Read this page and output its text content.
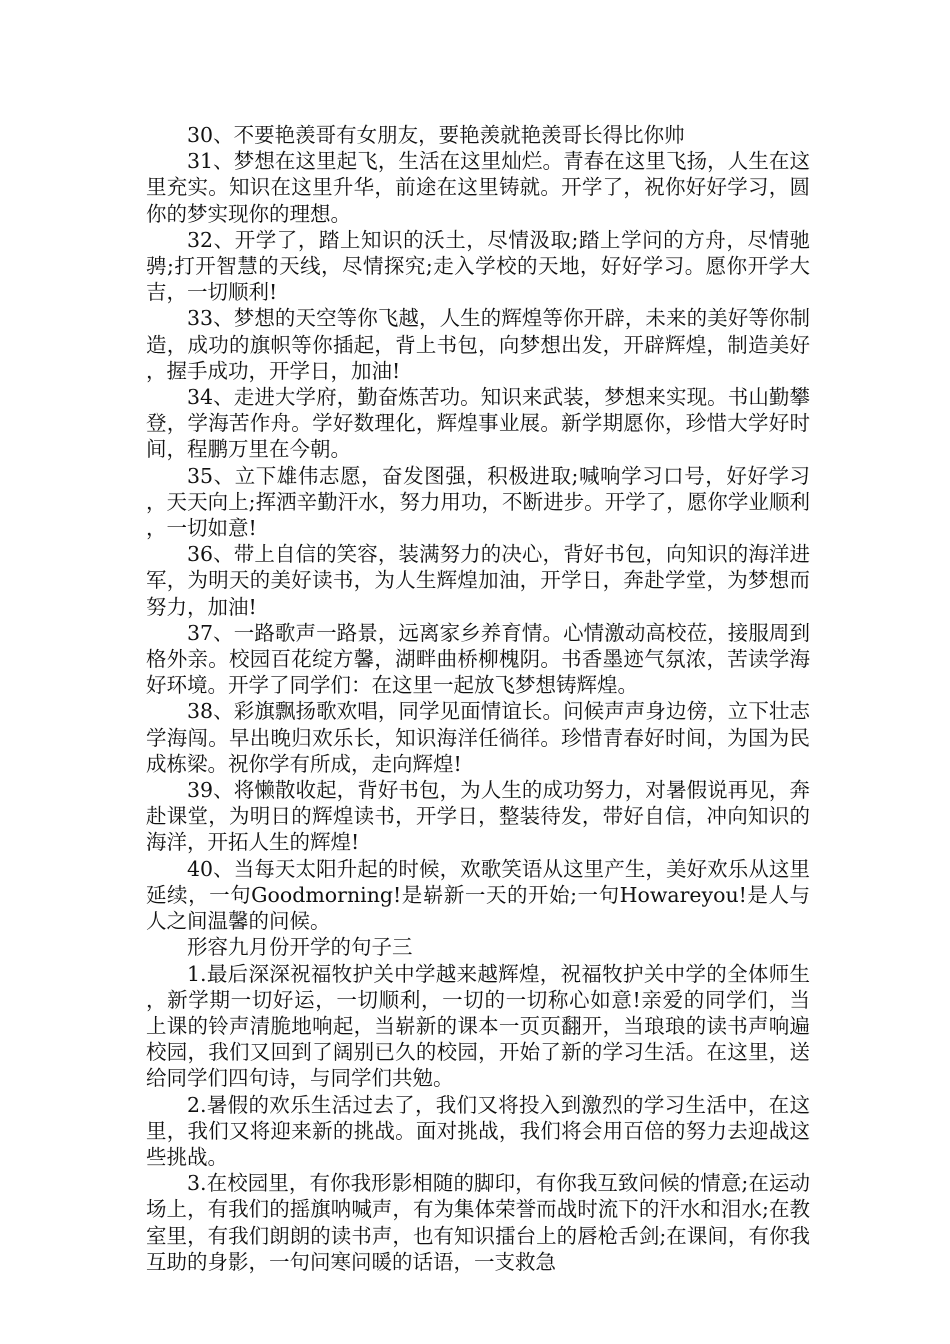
30、不要艳羡哥有女朋友，要艳羡就艳羡哥长得比你帅

31、梦想在这里起飞，生活在这里灿烂。青春在这里飞扬，人生在这里充实。知识在这里升华，前途在这里铸就。开学了，祝你好好学习，圆你的梦实现你的理想。

32、开学了，踏上知识的沃土，尽情汲取;踏上学问的方舟，尽情驰骋;打开智慧的天线，尽情探究;走入学校的天地，好好学习。愿你开学大吉，一切顺利!

33、梦想的天空等你飞越，人生的辉煌等你开辟，未来的美好等你制造，成功的旗帜等你插起，背上书包，向梦想出发，开辟辉煌，制造美好，握手成功，开学日，加油!

34、走进大学府，勤奋炼苦功。知识来武装，梦想来实现。书山勤攀登，学海苦作舟。学好数理化，辉煌事业展。新学期愿你，珍惜大学好时间，程鹏万里在今朝。

35、立下雄伟志愿，奋发图强，积极进取;喊响学习口号，好好学习，天天向上;挥洒辛勤汗水，努力用功，不断进步。开学了，愿你学业顺利，一切如意!

36、带上自信的笑容，装满努力的决心，背好书包，向知识的海洋进军，为明天的美好读书，为人生辉煌加油，开学日，奔赴学堂，为梦想而努力，加油!

37、一路歌声一路景，远离家乡养育情。心情激动高校莅，接服周到格外亲。校园百花绽方馨，湖畔曲桥柳槐阴。书香墨迹气氛浓，苦读学海好环境。开学了同学们：在这里一起放飞梦想铸辉煌。

38、彩旗飘扬歌欢唱，同学见面情谊长。问候声声身边傍，立下壮志学海闯。早出晚归欢乐长，知识海洋任徜徉。珍惜青春好时间，为国为民成栋梁。祝你学有所成，走向辉煌!

39、将懒散收起，背好书包，为人生的成功努力，对暑假说再见，奔赴课堂，为明日的辉煌读书，开学日，整装待发，带好自信，冲向知识的海洋，开拓人生的辉煌!

40、当每天太阳升起的时候，欢歌笑语从这里产生，美好欢乐从这里延续，一句Goodmorning!是崭新一天的开始;一句Howareyou!是人与人之间温馨的问候。

形容九月份开学的句子三

1.最后深深祝福牧护关中学越来越辉煌，祝福牧护关中学的全体师生，新学期一切好运，一切顺利，一切的一切称心如意!亲爱的同学们，当上课的铃声清脆地响起，当崭新的课本一页页翻开，当琅琅的读书声响遍校园，我们又回到了阔别已久的校园，开始了新的学习生活。在这里，送给同学们四句诗，与同学们共勉。

2.暑假的欢乐生活过去了，我们又将投入到激烈的学习生活中，在这里，我们又将迎来新的挑战。面对挑战，我们将会用百倍的努力去迎战这些挑战。

3.在校园里，有你我形影相随的脚印，有你我互致问候的情意;在运动场上，有我们的摇旗呐喊声，有为集体荣誉而战时流下的汗水和泪水;在教室里，有我们朗朗的读书声，也有知识擂台上的唇枪舌剑;在课间，有你我互助的身影，一句问寒问暖的话语，一支救急
